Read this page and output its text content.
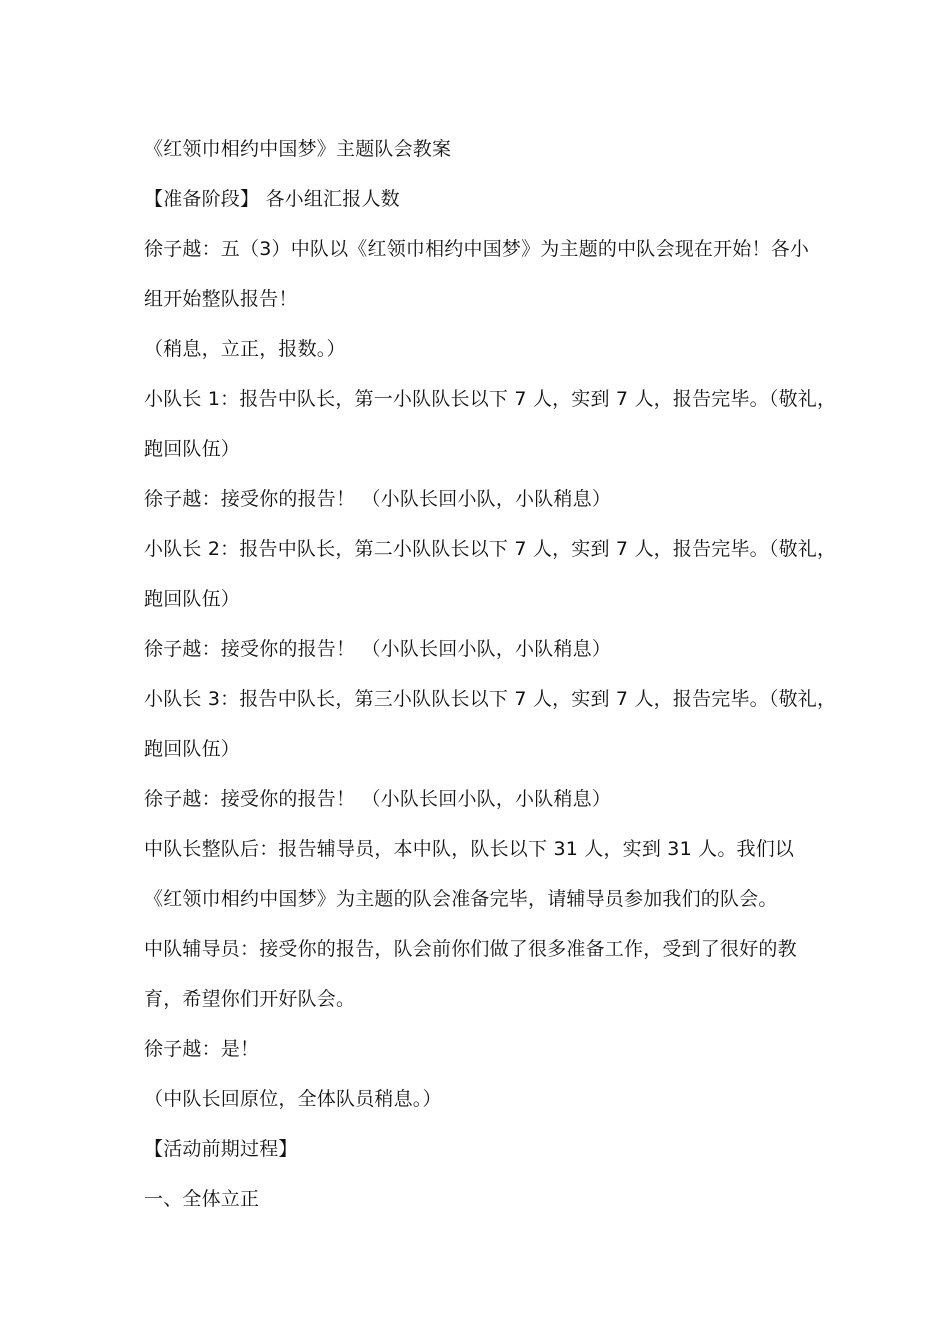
《红领巾相约中国梦》主题队会教案
【准备阶段】 各小组汇报人数
徐子越：五（3）中队以《红领巾相约中国梦》为主题的中队会现在开始！各小
组开始整队报告！
（稍息，立正，报数。）
小队长 1：报告中队长，第一小队队长以下 7 人，实到 7 人，报告完毕。（敬礼，
跑回队伍）
徐子越：接受你的报告！ （小队长回小队，小队稍息）
小队长 2：报告中队长，第二小队队长以下 7 人，实到 7 人，报告完毕。（敬礼，
跑回队伍）
徐子越：接受你的报告！ （小队长回小队，小队稍息）
小队长 3：报告中队长，第三小队队长以下 7 人，实到 7 人，报告完毕。（敬礼，
跑回队伍）
徐子越：接受你的报告！ （小队长回小队，小队稍息）
中队长整队后：报告辅导员，本中队，队长以下 31 人，实到 31 人。我们以
《红领巾相约中国梦》为主题的队会准备完毕，请辅导员参加我们的队会。
中队辅导员：接受你的报告，队会前你们做了很多准备工作，受到了很好的教
育，希望你们开好队会。
徐子越：是！
（中队长回原位，全体队员稍息。）
【活动前期过程】
一、全体立正
